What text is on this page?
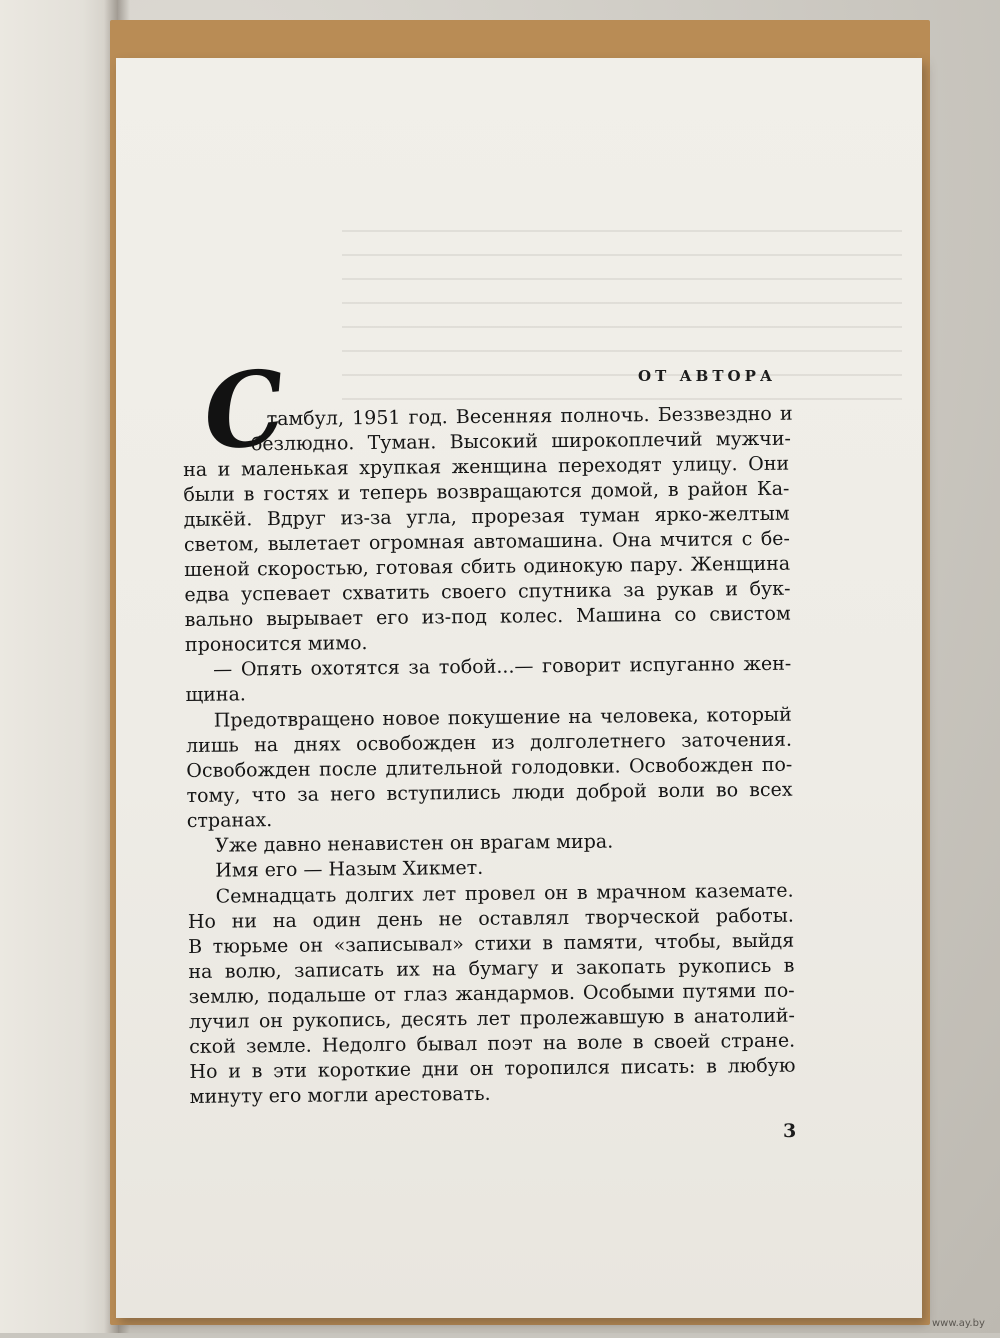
ОТ АВТОРА
С
тамбул, 1951 год. Весенняя полночь. Беззвездно и
безлюдно. Туман. Высокий широкоплечий мужчи-
на и маленькая хрупкая женщина переходят улицу. Они
были в гостях и теперь возвращаются домой, в район Ка-
дыкёй. Вдруг из-за угла, прорезая туман ярко-желтым
светом, вылетает огромная автомашина. Она мчится с бе-
шеной скоростью, готовая сбить одинокую пару. Женщина
едва успевает схватить своего спутника за рукав и бук-
вально вырывает его из-под колес. Машина со свистом
проносится мимо.
— Опять охотятся за тобой...— говорит испуганно жен-
щина.
Предотвращено новое покушение на человека, который
лишь на днях освобожден из долголетнего заточения.
Освобожден после длительной голодовки. Освобожден по-
тому, что за него вступились люди доброй воли во всех
странах.
Уже давно ненавистен он врагам мира.
Имя его — Назым Хикмет.
Семнадцать долгих лет провел он в мрачном каземате.
Но ни на один день не оставлял творческой работы.
В тюрьме он «записывал» стихи в памяти, чтобы, выйдя
на волю, записать их на бумагу и закопать рукопись в
землю, подальше от глаз жандармов. Особыми путями по-
лучил он рукопись, десять лет пролежавшую в анатолий-
ской земле. Недолго бывал поэт на воле в своей стране.
Но и в эти короткие дни он торопился писать: в любую
минуту его могли арестовать.
3
www.ay.by
